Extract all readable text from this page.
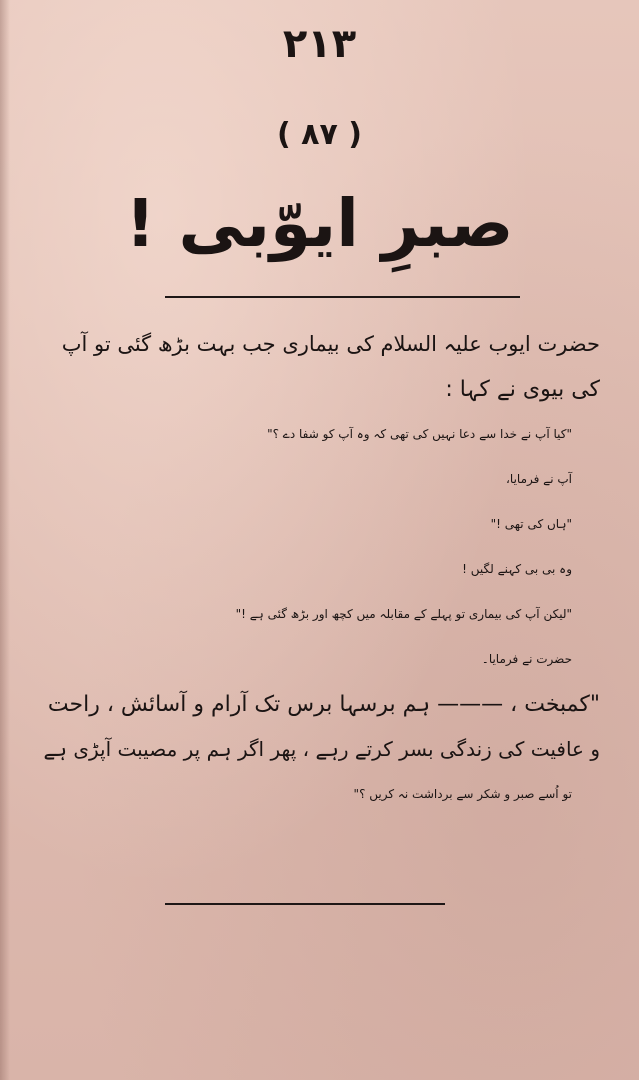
۲۱۳
( ۸۷ )
صبرِ ایوّبی !
حضرت ایوب علیہ السلام کی بیماری جب بہت بڑھ گئی تو آپ
کی بیوی نے کہا :
"کیا آپ نے خدا سے دعا نہیں کی تھی کہ وہ آپ کو شفا دے ؟"
آپ نے فرمایا،
"ہاں کی تھی !"
وہ بی بی کہنے لگیں !
"لیکن آپ کی بیماری تو پہلے کے مقابلہ میں کچھ اور بڑھ گئی ہے !"
حضرت نے فرمایا۔
"کمبخت ، ——— ہم برسہا برس تک آرام و آسائش ، راحت
و عافیت کی زندگی بسر کرتے رہے ، پھر اگر ہم پر مصیبت آپڑی ہے
تو اُسے صبر و شکر سے برداشت نہ کریں ؟"
